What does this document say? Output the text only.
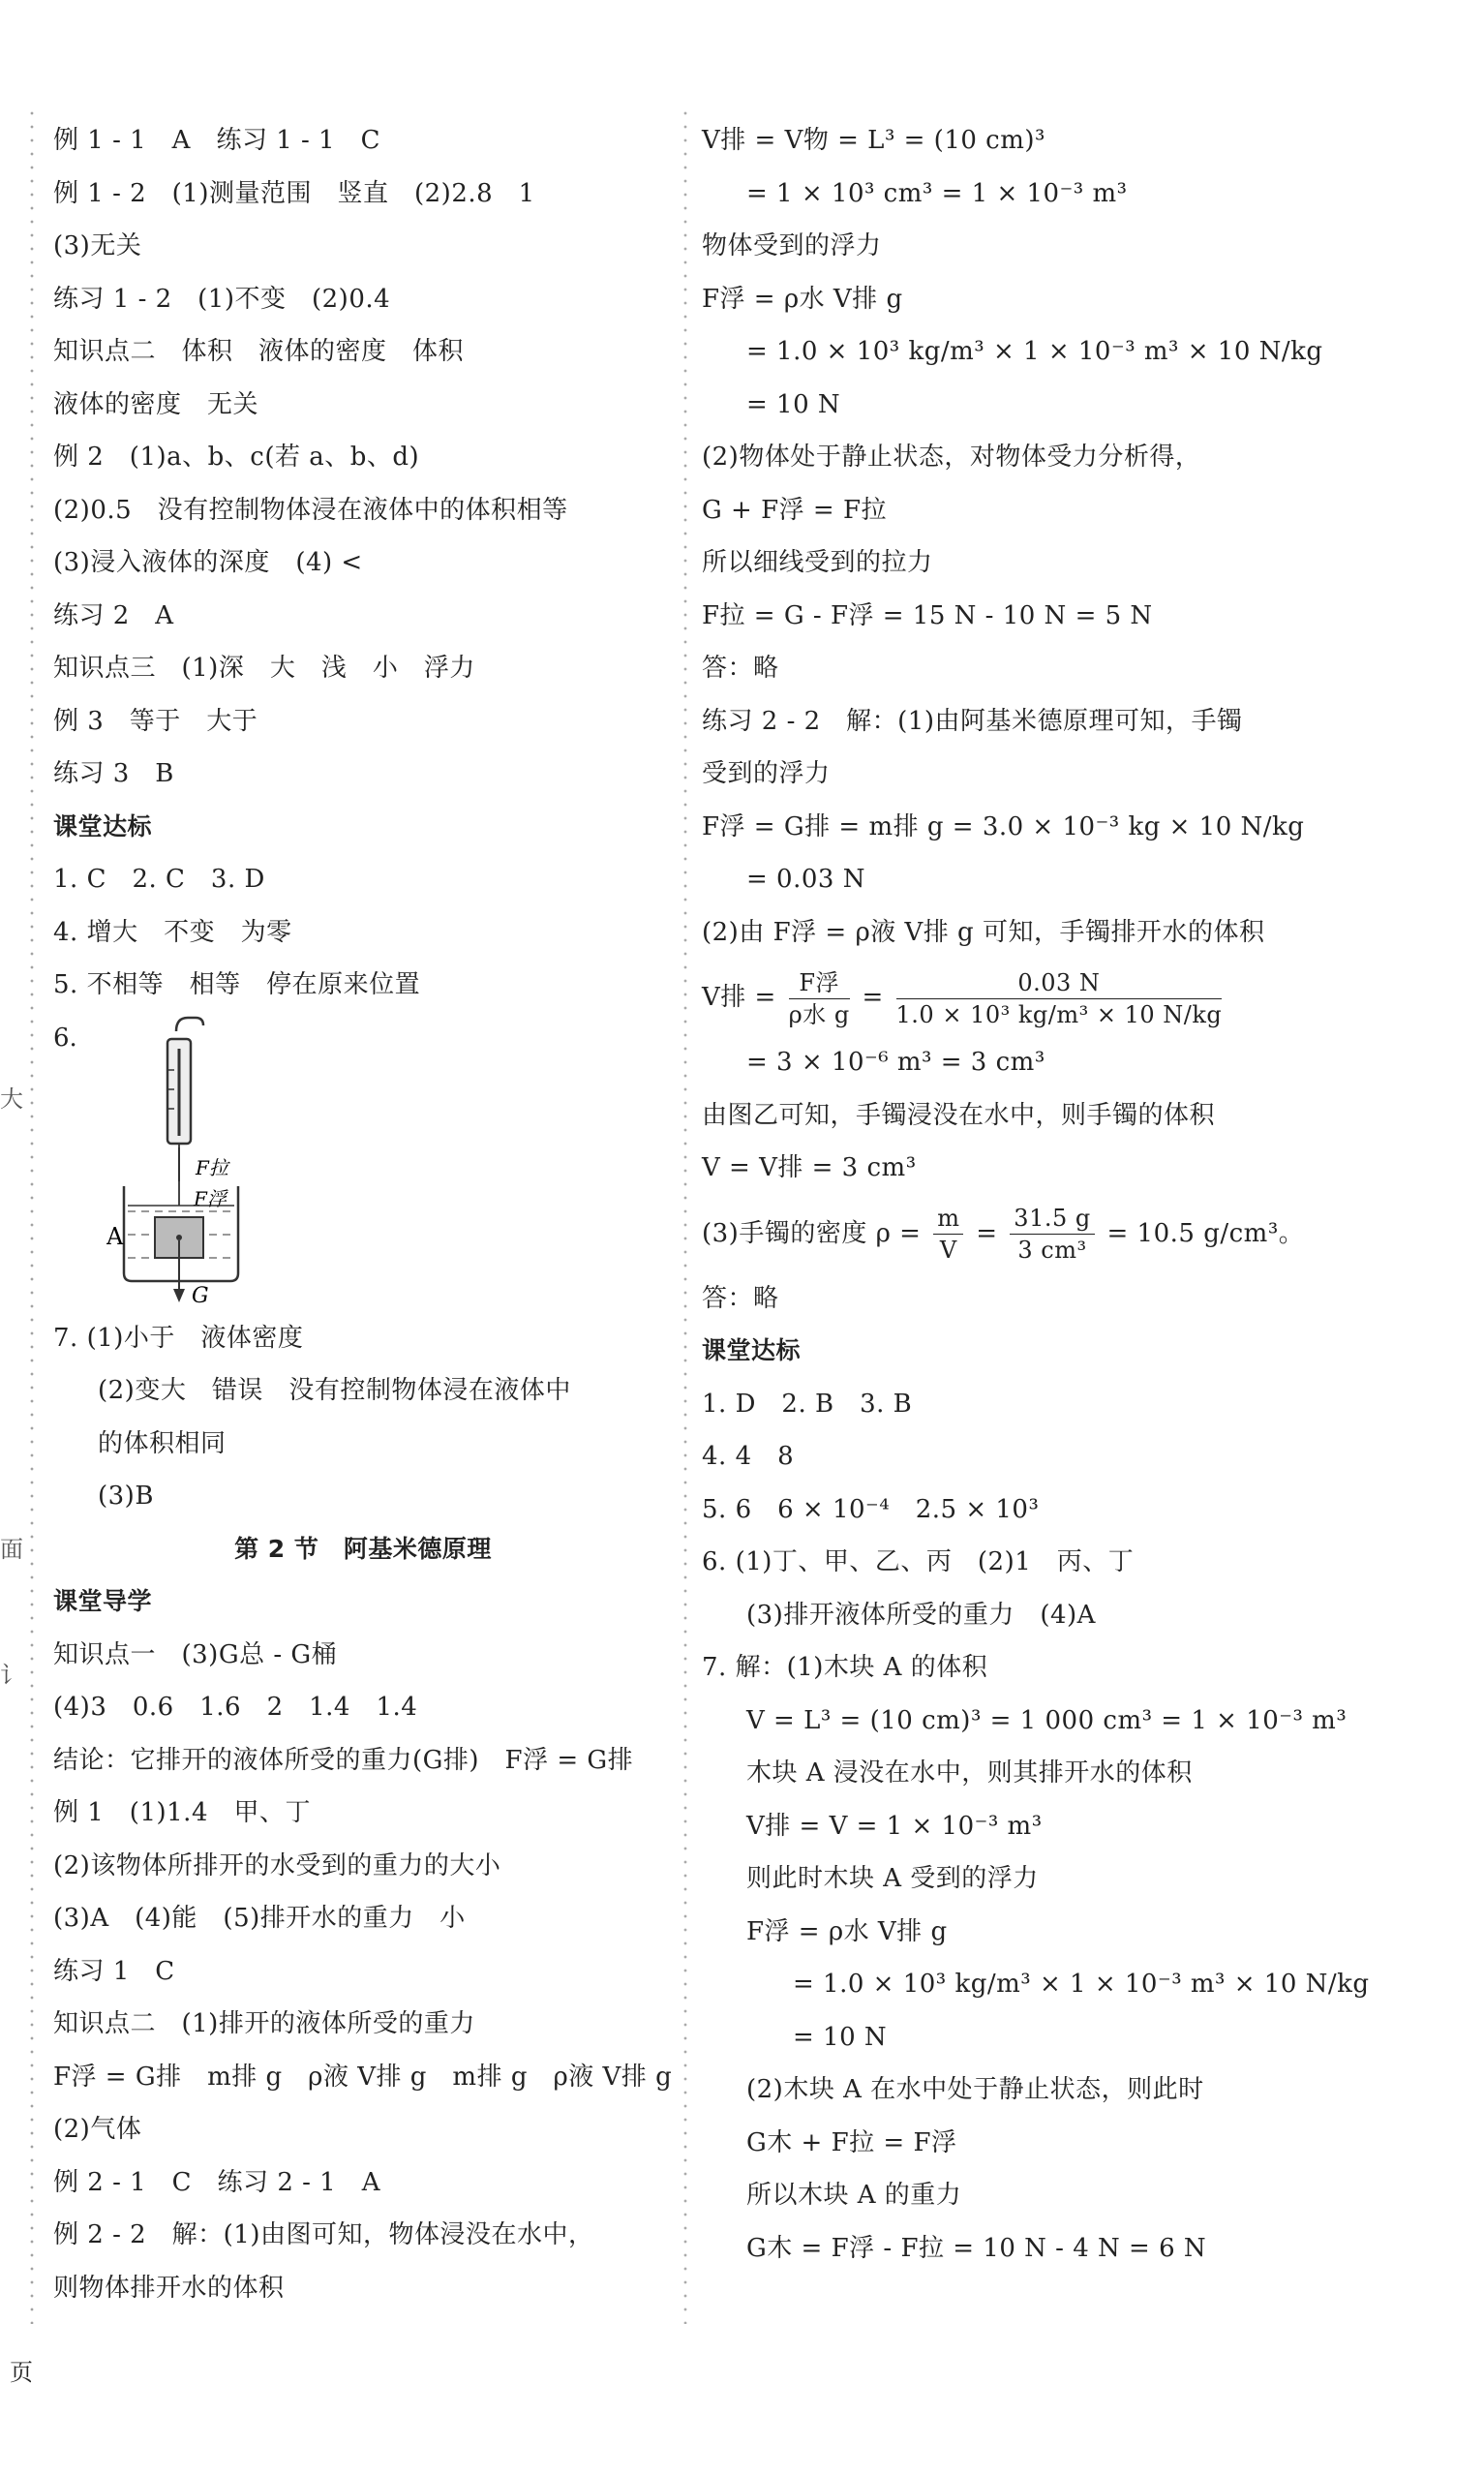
大
面
讠
页
例 1 - 1　A　练习 1 - 1　C
例 1 - 2　(1)测量范围　竖直　(2)2.8　1
(3)无关
练习 1 - 2　(1)不变　(2)0.4
知识点二　体积　液体的密度　体积
液体的密度　无关
例 2　(1)a、b、c(若 a、b、d)
(2)0.5　没有控制物体浸在液体中的体积相等
(3)浸入液体的深度　(4) <
练习 2　A
知识点三　(1)深　大　浅　小　浮力
例 3　等于　大于
练习 3　B
课堂达标
1. C　2. C　3. D
4. 增大　不变　为零
5. 不相等　相等　停在原来位置
6.
F拉
F浮
A
G
7. (1)小于　液体密度
(2)变大　错误　没有控制物体浸在液体中
的体积相同
(3)B
第 2 节　阿基米德原理
课堂导学
知识点一　(3)G总 - G桶
(4)3　0.6　1.6　2　1.4　1.4
结论：它排开的液体所受的重力(G排)　F浮 = G排
例 1　(1)1.4　甲、丁
(2)该物体所排开的水受到的重力的大小
(3)A　(4)能　(5)排开水的重力　小
练习 1　C
知识点二　(1)排开的液体所受的重力
F浮 = G排　m排 g　ρ液 V排 g　m排 g　ρ液 V排 g
(2)气体
例 2 - 1　C　练习 2 - 1　A
例 2 - 2　解：(1)由图可知，物体浸没在水中，
则物体排开水的体积
V排 = V物 = L³ = (10 cm)³
= 1 × 10³ cm³ = 1 × 10⁻³ m³
物体受到的浮力
F浮 = ρ水 V排 g
= 1.0 × 10³ kg/m³ × 1 × 10⁻³ m³ × 10 N/kg
= 10 N
(2)物体处于静止状态，对物体受力分析得，
G + F浮 = F拉
所以细线受到的拉力
F拉 = G - F浮 = 15 N - 10 N = 5 N
答：略
练习 2 - 2　解：(1)由阿基米德原理可知，手镯
受到的浮力
F浮 = G排 = m排 g = 3.0 × 10⁻³ kg × 10 N/kg
= 0.03 N
(2)由 F浮 = ρ液 V排 g 可知，手镯排开水的体积
V排 = $\frac{\text{F浮}}{\text{ρ水 g}} = \frac{0.03 N}{\text{1.0 × 10³ kg/m³ × 10 N/kg}}$
= 3 × 10⁻⁶ m³ = 3 cm³
由图乙可知，手镯浸没在水中，则手镯的体积
V = V排 = 3 cm³
(3)手镯的密度 $\rho = \frac{m}{V} = \frac{31.5 g}{\text{3 cm³}} = 10.5$ g/cm³。
答：略
课堂达标
1. D　2. B　3. B
4. 4　8
5. 6　6 × 10⁻⁴　2.5 × 10³
6. (1)丁、甲、乙、丙　(2)1　丙、丁
(3)排开液体所受的重力　(4)A
7. 解：(1)木块 A 的体积
V = L³ = (10 cm)³ = 1 000 cm³ = 1 × 10⁻³ m³
木块 A 浸没在水中，则其排开水的体积
V排 = V = 1 × 10⁻³ m³
则此时木块 A 受到的浮力
F浮 = ρ水 V排 g
= 1.0 × 10³ kg/m³ × 1 × 10⁻³ m³ × 10 N/kg
= 10 N
(2)木块 A 在水中处于静止状态，则此时
G木 + F拉 = F浮
所以木块 A 的重力
G木 = F浮 - F拉 = 10 N - 4 N = 6 N
